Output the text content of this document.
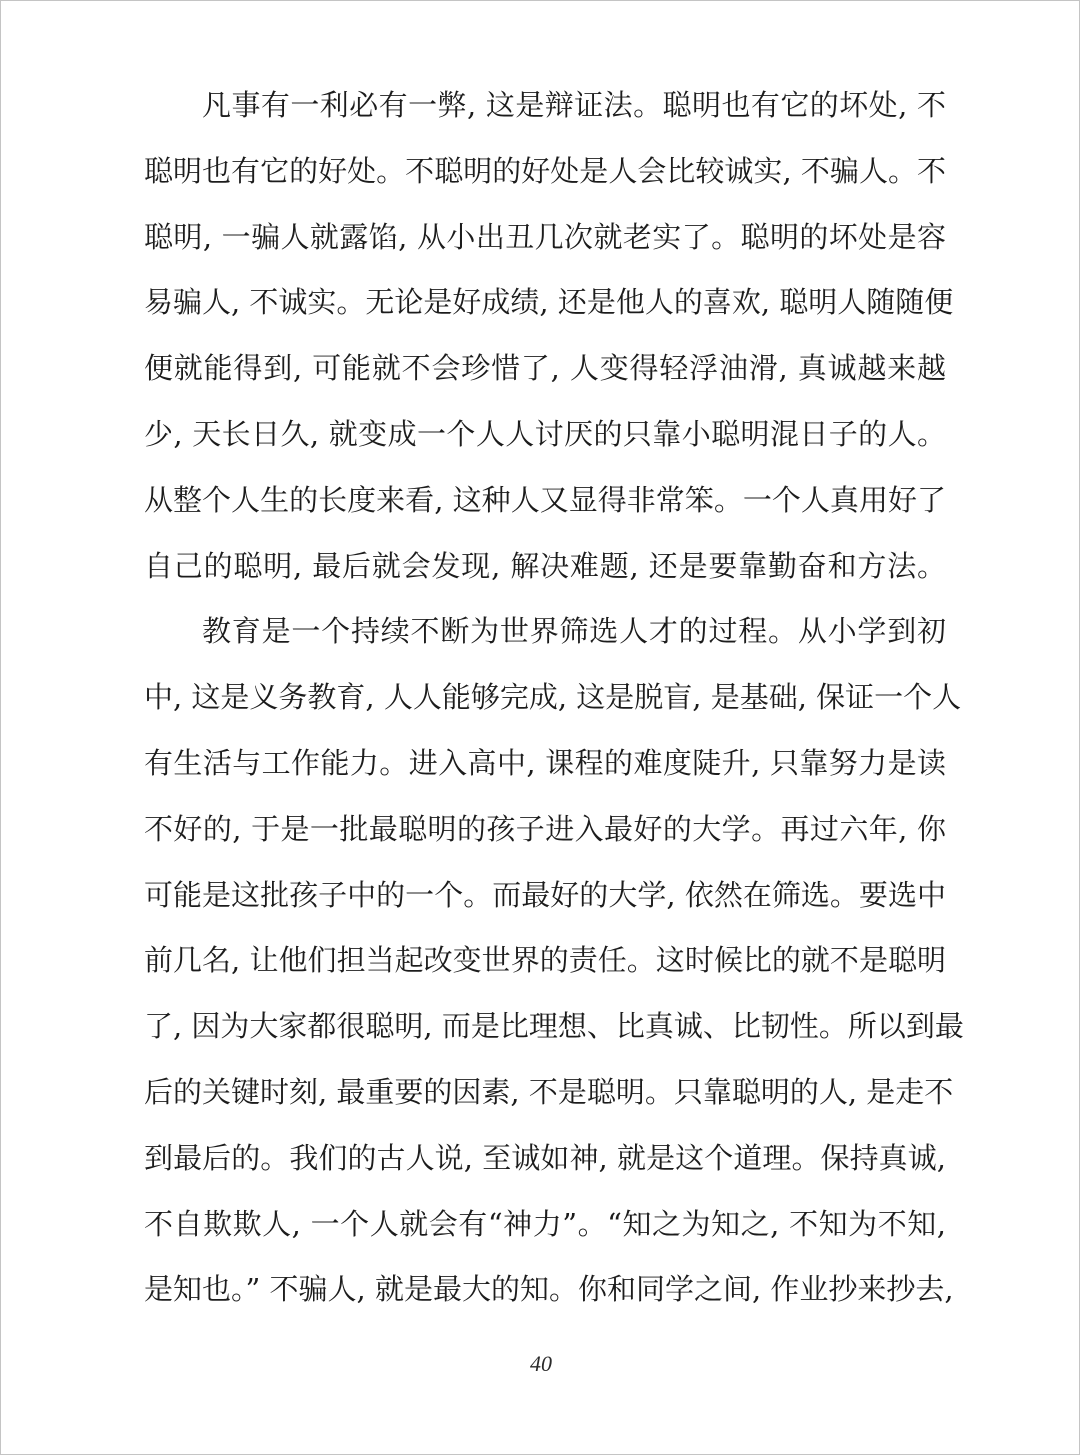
凡事有一利必有一弊, 这是辩证法。聪明也有它的坏处, 不
聪明也有它的好处。不聪明的好处是人会比较诚实, 不骗人。不
聪明, 一骗人就露馅, 从小出丑几次就老实了。聪明的坏处是容
易骗人, 不诚实。无论是好成绩, 还是他人的喜欢, 聪明人随随便
便就能得到, 可能就不会珍惜了, 人变得轻浮油滑, 真诚越来越
少, 天长日久, 就变成一个人人讨厌的只靠小聪明混日子的人。
从整个人生的长度来看, 这种人又显得非常笨。一个人真用好了
自己的聪明, 最后就会发现, 解决难题, 还是要靠勤奋和方法。
教育是一个持续不断为世界筛选人才的过程。从小学到初
中, 这是义务教育, 人人能够完成, 这是脱盲, 是基础, 保证一个人
有生活与工作能力。进入高中, 课程的难度陡升, 只靠努力是读
不好的, 于是一批最聪明的孩子进入最好的大学。再过六年, 你
可能是这批孩子中的一个。而最好的大学, 依然在筛选。要选中
前几名, 让他们担当起改变世界的责任。这时候比的就不是聪明
了, 因为大家都很聪明, 而是比理想、比真诚、比韧性。所以到最
后的关键时刻, 最重要的因素, 不是聪明。只靠聪明的人, 是走不
到最后的。我们的古人说, 至诚如神, 就是这个道理。保持真诚,
不自欺欺人, 一个人就会有“神力”。“知之为知之, 不知为不知,
是知也。” 不骗人, 就是最大的知。你和同学之间, 作业抄来抄去,
40
